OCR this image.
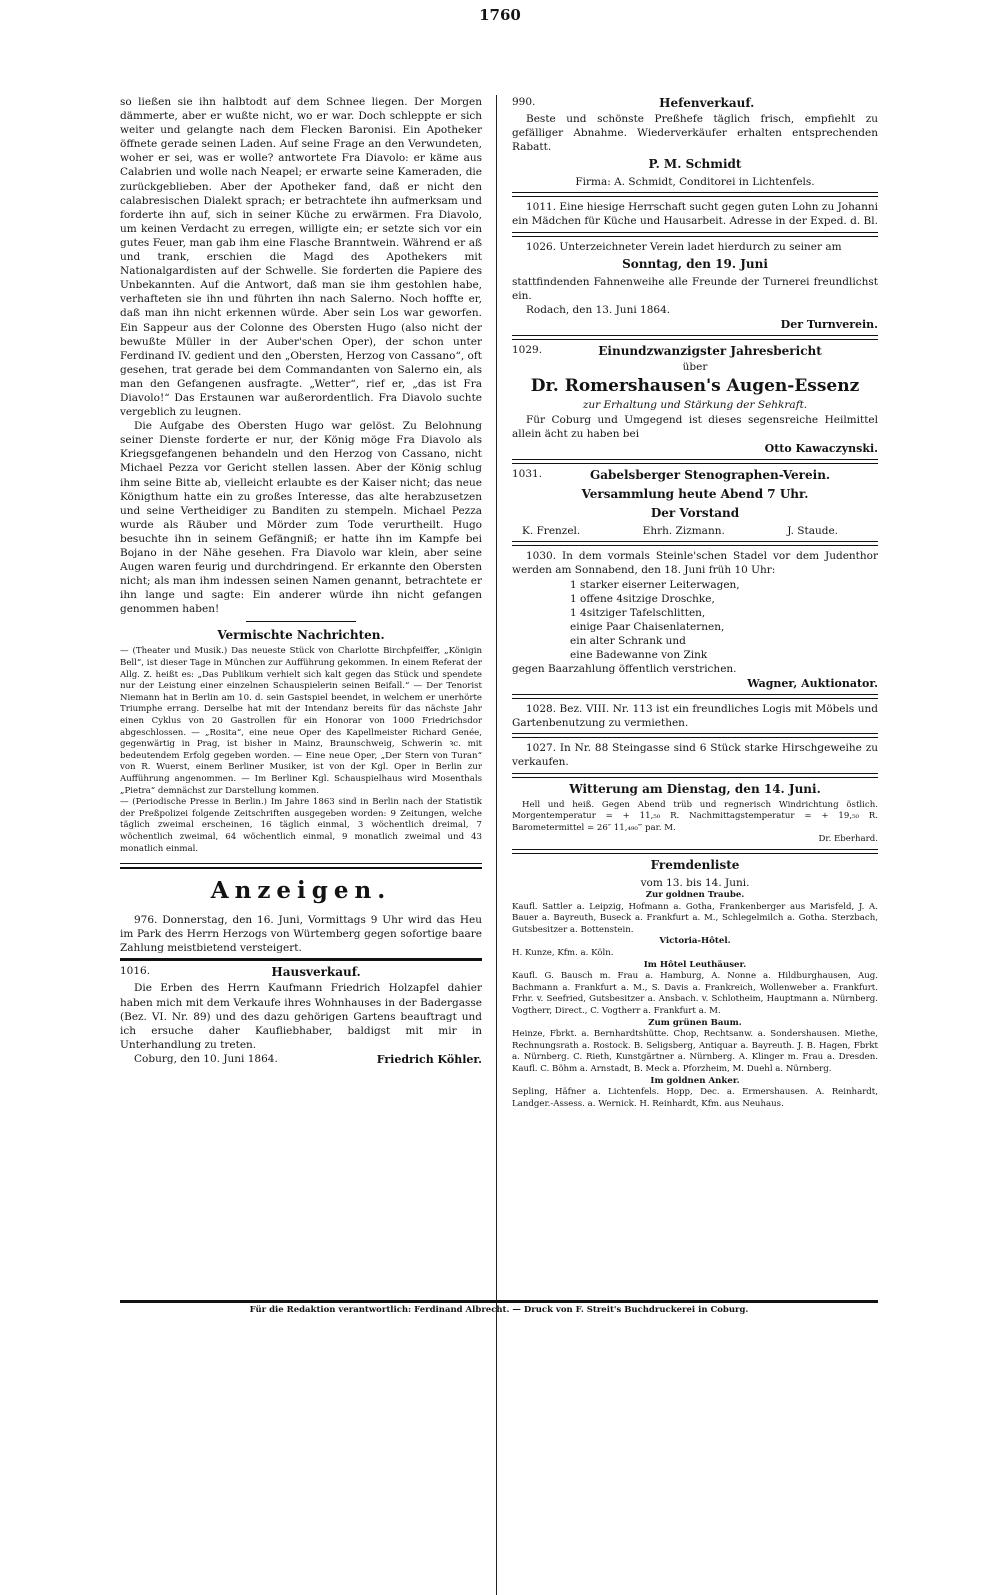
1760

so ließen sie ihn halbtodt auf dem Schnee liegen. Der Morgen dämmerte, aber er wußte nicht, wo er war. Doch schleppte er sich weiter und gelangte nach dem Flecken Baronisi. Ein Apotheker öffnete gerade seinen Laden. Auf seine Frage an den Verwundeten, woher er sei, was er wolle? antwortete Fra Diavolo: er käme aus Calabrien und wolle nach Neapel; er erwarte seine Kameraden, die zurückgeblieben. Aber der Apotheker fand, daß er nicht den calabresischen Dialekt sprach; er betrachtete ihn aufmerksam und forderte ihn auf, sich in seiner Küche zu erwärmen. Fra Diavolo, um keinen Verdacht zu erregen, willigte ein; er setzte sich vor ein gutes Feuer, man gab ihm eine Flasche Branntwein. Während er aß und trank, erschien die Magd des Apothekers mit Nationalgardisten auf der Schwelle. Sie forderten die Papiere des Unbekannten. Auf die Antwort, daß man sie ihm gestohlen habe, verhafteten sie ihn und führten ihn nach Salerno. Noch hoffte er, daß man ihn nicht erkennen würde. Aber sein Los war geworfen. Ein Sappeur aus der Colonne des Obersten Hugo (also nicht der bewußte Müller in der Auber'schen Oper), der schon unter Ferdinand IV. gedient und den „Obersten, Herzog von Cassano“, oft gesehen, trat gerade bei dem Commandanten von Salerno ein, als man den Gefangenen ausfragte. „Wetter“, rief er, „das ist Fra Diavolo!“ Das Erstaunen war außerordentlich. Fra Diavolo suchte vergeblich zu leugnen.

Die Aufgabe des Obersten Hugo war gelöst. Zu Belohnung seiner Dienste forderte er nur, der König möge Fra Diavolo als Kriegsgefangenen behandeln und den Herzog von Cassano, nicht Michael Pezza vor Gericht stellen lassen. Aber der König schlug ihm seine Bitte ab, vielleicht erlaubte es der Kaiser nicht; das neue Königthum hatte ein zu großes Interesse, das alte herabzusetzen und seine Vertheidiger zu Banditen zu stempeln. Michael Pezza wurde als Räuber und Mörder zum Tode verurtheilt. Hugo besuchte ihn in seinem Gefängniß; er hatte ihn im Kampfe bei Bojano in der Nähe gesehen. Fra Diavolo war klein, aber seine Augen waren feurig und durchdringend. Er erkannte den Obersten nicht; als man ihm indessen seinen Namen genannt, betrachtete er ihn lange und sagte: Ein anderer würde ihn nicht gefangen genommen haben!

Vermischte Nachrichten.

— (Theater und Musik.) Das neueste Stück von Charlotte Birchpfeiffer, „Königin Bell“, ist dieser Tage in München zur Aufführung gekommen. In einem Referat der Allg. Z. heißt es: „Das Publikum verhielt sich kalt gegen das Stück und spendete nur der Leistung einer einzelnen Schauspielerin seinen Beifall.“ — Der Tenorist Niemann hat in Berlin am 10. d. sein Gastspiel beendet, in welchem er unerhörte Triumphe errang. Derselbe hat mit der Intendanz bereits für das nächste Jahr einen Cyklus von 20 Gastrollen für ein Honorar von 1000 Friedrichsdor abgeschlossen. — „Rosita“, eine neue Oper des Kapellmeister Richard Genée, gegenwärtig in Prag, ist bisher in Mainz, Braunschweig, Schwerin ꝛc. mit bedeutendem Erfolg gegeben worden. — Eine neue Oper, „Der Stern von Turan“ von R. Wuerst, einem Berliner Musiker, ist von der Kgl. Oper in Berlin zur Aufführung angenommen. — Im Berliner Kgl. Schauspielhaus wird Mosenthals „Pietra“ demnächst zur Darstellung kommen.

— (Periodische Presse in Berlin.) Im Jahre 1863 sind in Berlin nach der Statistik der Preßpolizei folgende Zeitschriften ausgegeben worden: 9 Zeitungen, welche täglich zweimal erscheinen, 16 täglich einmal, 3 wöchentlich dreimal, 7 wöchentlich zweimal, 64 wöchentlich einmal, 9 monatlich zweimal und 43 monatlich einmal.

Anzeigen.

976. Donnerstag, den 16. Juni, Vormittags 9 Uhr wird das Heu im Park des Herrn Herzogs von Würtemberg gegen sofortige baare Zahlung meistbietend versteigert.

1016.	Hausverkauf.

Die Erben des Herrn Kaufmann Friedrich Holzapfel dahier haben mich mit dem Verkaufe ihres Wohnhauses in der Badergasse (Bez. VI. Nr. 89) und des dazu gehörigen Gartens beauftragt und ich ersuche daher Kaufliebhaber, baldigst mit mir in Unterhandlung zu treten.

Coburg, den 10. Juni 1864.	Friedrich Köhler.

990.	Hefenverkauf.

Beste und schönste Preßhefe täglich frisch, empfiehlt zu gefälliger Abnahme. Wiederverkäufer erhalten entsprechenden Rabatt.

P. M. Schmidt

Firma: A. Schmidt, Conditorei in Lichtenfels.

1011. Eine hiesige Herrschaft sucht gegen guten Lohn zu Johanni ein Mädchen für Küche und Hausarbeit. Adresse in der Exped. d. Bl.

1026. Unterzeichneter Verein ladet hierdurch zu seiner am

Sonntag, den 19. Juni

stattfindenden Fahnenweihe alle Freunde der Turnerei freundlichst ein.

Rodach, den 13. Juni 1864.

Der Turnverein.

1029.	Einundzwanzigster Jahresbericht

über

Dr. Romershausen's Augen-Essenz
zur Erhaltung und Stärkung der Sehkraft.

Für Coburg und Umgegend ist dieses segensreiche Heilmittel allein ächt zu haben bei

Otto Kawaczynski.

1031.	Gabelsberger Stenographen-Verein.
Versammlung heute Abend 7 Uhr.
Der Vorstand

K. Frenzel.	Ehrh. Zizmann.	J. Staude.

1030. In dem vormals Steinle'schen Stadel vor dem Judenthor werden am Sonnabend, den 18. Juni früh 10 Uhr:

1 starker eiserner Leiterwagen,

1 offene 4sitzige Droschke,

1 4sitziger Tafelschlitten,

einige Paar Chaisenlaternen,

ein alter Schrank und

eine Badewanne von Zink

gegen Baarzahlung öffentlich verstrichen.

Wagner, Auktionator.

1028. Bez. VIII. Nr. 113 ist ein freundliches Logis mit Möbels und Gartenbenutzung zu vermiethen.

1027. In Nr. 88 Steingasse sind 6 Stück starke Hirschgeweihe zu verkaufen.

Witterung am Dienstag, den 14. Juni.

Hell und heiß. Gegen Abend trüb und regnerisch Windrichtung östlich. Morgentemperatur = + 11,₅₀ R. Nachmittagstemperatur = + 19,₅₀ R. Barometermittel = 26″ 11,₄₉₀‴ par. M.

Dr. Eberhard.

Fremdenliste

vom 13. bis 14. Juni.

Zur goldnen Traube.

Kaufl. Sattler a. Leipzig, Hofmann a. Gotha, Frankenberger aus Marisfeld, J. A. Bauer a. Bayreuth, Buseck a. Frankfurt a. M., Schlegelmilch a. Gotha. Sterzbach, Gutsbesitzer a. Bottenstein.

Victoria-Hôtel.

H. Kunze, Kfm. a. Köln.

Im Hôtel Leuthäuser.

Kaufl. G. Bausch m. Frau a. Hamburg, A. Nonne a. Hildburghausen, Aug. Bachmann a. Frankfurt a. M., S. Davis a. Frankreich, Wollenweber a. Frankfurt. Frhr. v. Seefried, Gutsbesitzer a. Ansbach. v. Schlotheim, Hauptmann a. Nürnberg. Vogtherr, Direct., C. Vogtherr a. Frankfurt a. M.

Zum grünen Baum.

Heinze, Fbrkt. a. Bernhardtshütte. Chop, Rechtsanw. a. Sondershausen. Miethe, Rechnungsrath a. Rostock. B. Seligsberg, Antiquar a. Bayreuth. J. B. Hagen, Fbrkt a. Nürnberg. C. Rieth, Kunstgärtner a. Nürnberg. A. Klinger m. Frau a. Dresden. Kaufl. C. Böhm a. Arnstadt, B. Meck a. Pforzheim, M. Duehl a. Nürnberg.

Im goldnen Anker.

Sepling, Häfner a. Lichtenfels. Hopp, Dec. a. Ermershausen. A. Reinhardt, Landger.-Assess. a. Wernick. H. Reinhardt, Kfm. aus Neuhaus.

Für die Redaktion verantwortlich: Ferdinand Albrecht. — Druck von F. Streit's Buchdruckerei in Coburg.
